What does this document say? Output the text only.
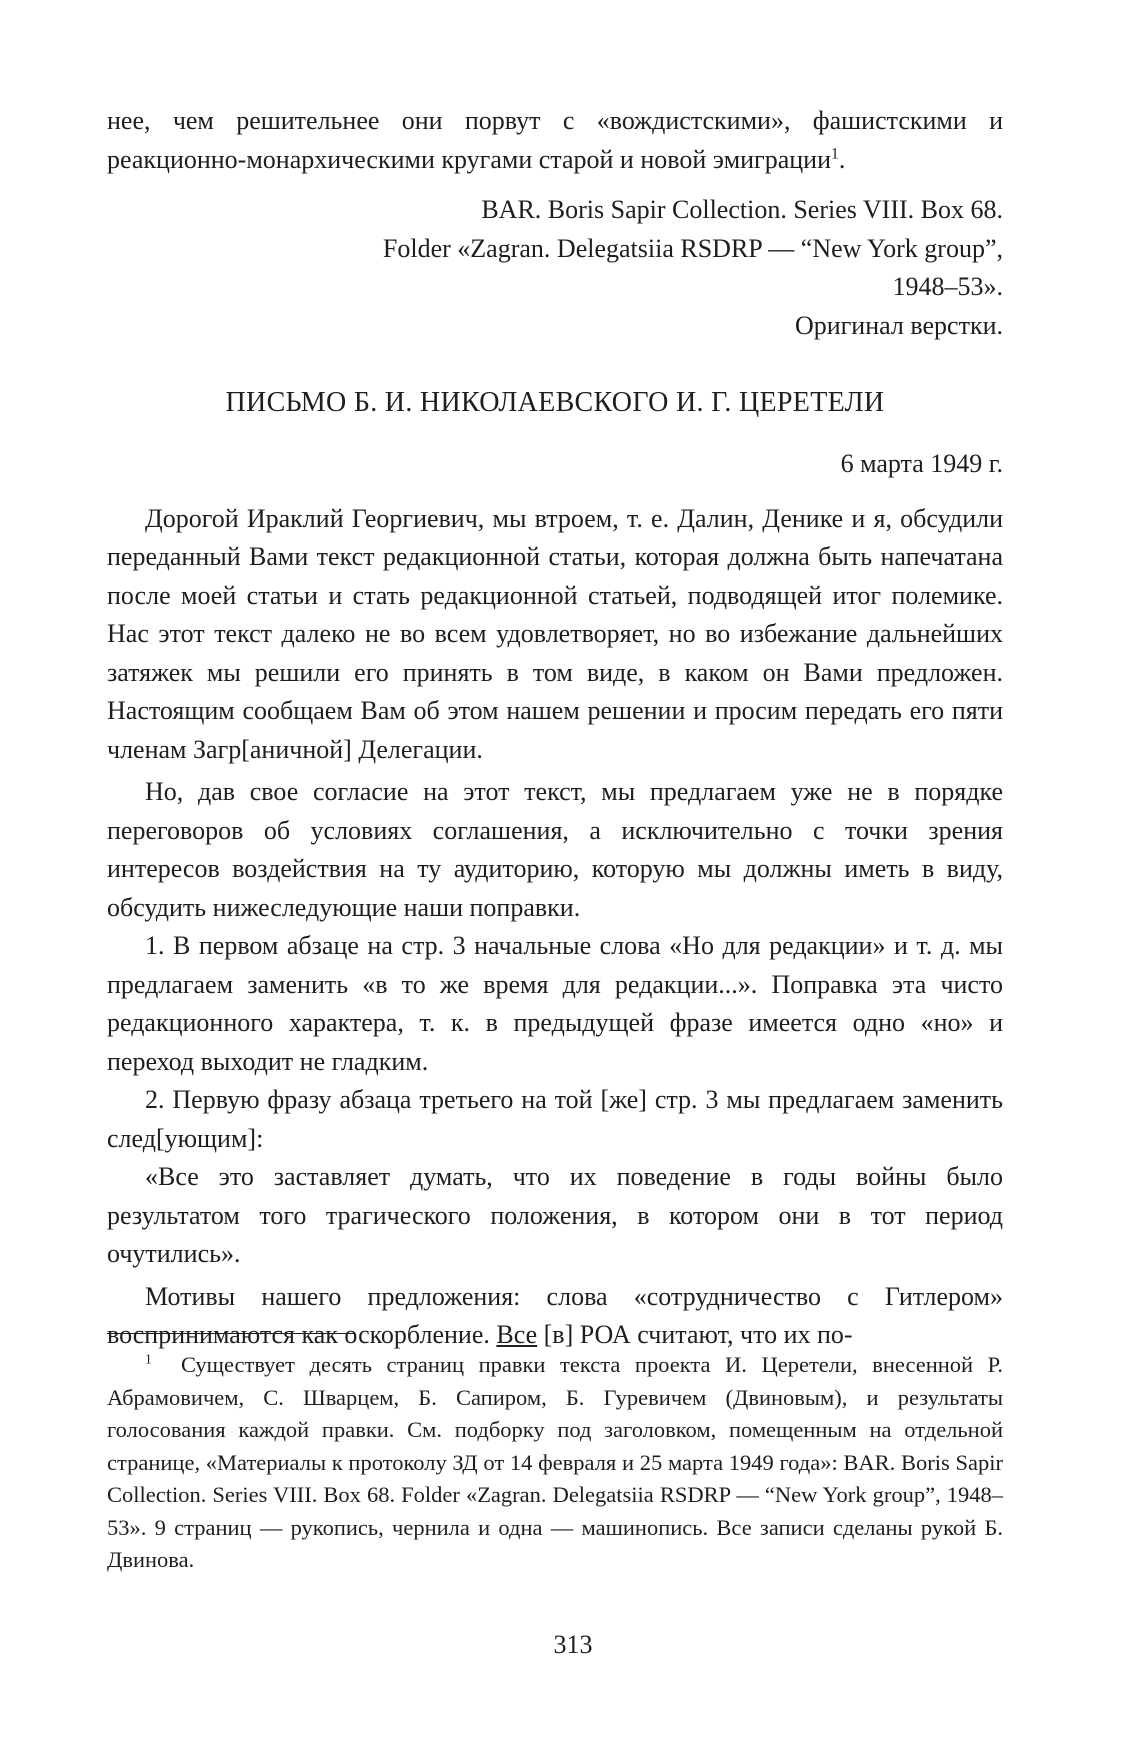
нее, чем решительнее они порвут с «вождистскими», фашистскими и реакционно-монархическими кругами старой и новой эмиграции$^1$.

BAR. Boris Sapir Collection. Series VIII. Box 68.
Folder «Zagran. Delegatsiia RSDRP — “New York group”,
1948–53».
Оригинал верстки.
ПИСЬМО Б. И. НИКОЛАЕВСКОГО И. Г. ЦЕРЕТЕЛИ
6 марта 1949 г.

Дорогой Ираклий Георгиевич, мы втроем, т. е. Далин, Денике и я, обсудили переданный Вами текст редакционной статьи, которая должна быть напечатана после моей статьи и стать редакционной статьей, подводящей итог полемике. Нас этот текст далеко не во всем удовлетворяет, но во избежание дальнейших затяжек мы решили его принять в том виде, в каком он Вами предложен. Настоящим сообщаем Вам об этом нашем решении и просим передать его пяти членам Загр[аничной] Делегации.

Но, дав свое согласие на этот текст, мы предлагаем уже не в порядке переговоров об условиях соглашения, а исключительно с точки зрения интересов воздействия на ту аудиторию, которую мы должны иметь в виду, обсудить нижеследующие наши поправки.

1. В первом абзаце на стр. 3 начальные слова «Но для редакции» и т. д. мы предлагаем заменить «в то же время для редакции...». Поправка эта чисто редакционного характера, т. к. в предыдущей фразе имеется одно «но» и переход выходит не гладким.

2. Первую фразу абзаца третьего на той [же] стр. 3 мы предлагаем заменить след[ующим]:

«Все это заставляет думать, что их поведение в годы войны было результатом того трагического положения, в котором они в тот период очутились».

Мотивы нашего предложения: слова «сотрудничество с Гитлером» воспринимаются как оскорбление. Все [в] РОА считают, что их по-

$^1$ Существует десять страниц правки текста проекта И. Церетели, внесенной Р. Абрамовичем, С. Шварцем, Б. Сапиром, Б. Гуревичем (Двиновым), и результаты голосования каждой правки. См. подборку под заголовком, помещенным на отдельной странице, «Материалы к протоколу ЗД от 14 февраля и 25 марта 1949 года»: BAR. Boris Sapir Collection. Series VIII. Box 68. Folder «Zagran. Delegatsiia RSDRP — “New York group”, 1948–53». 9 страниц — рукопись, чернила и одна — машинопись. Все записи сделаны рукой Б. Двинова.

313
